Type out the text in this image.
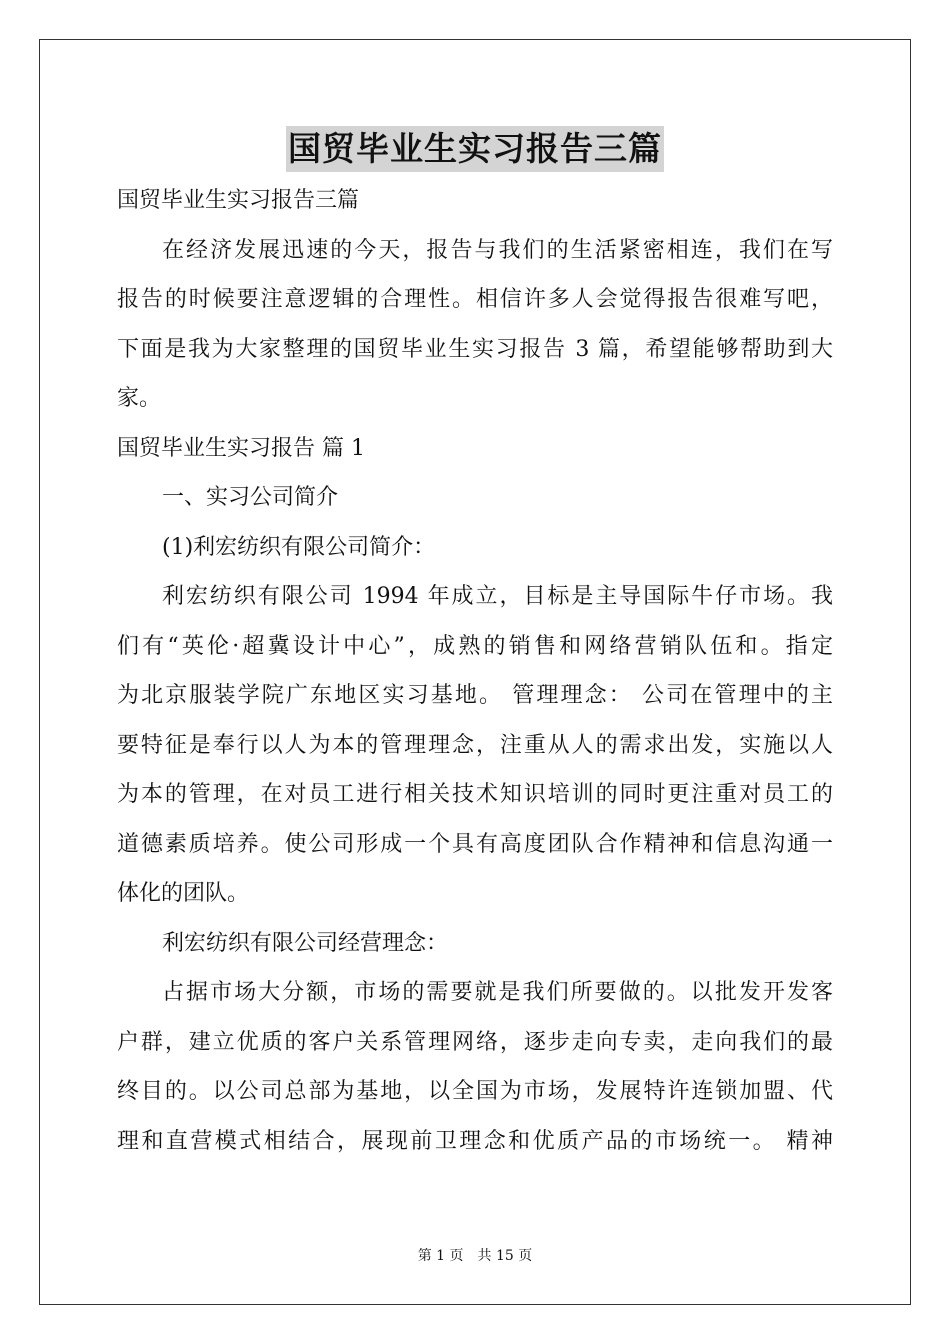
国贸毕业生实习报告三篇

国贸毕业生实习报告三篇

在经济发展迅速的今天，报告与我们的生活紧密相连，我们在写

报告的时候要注意逻辑的合理性。相信许多人会觉得报告很难写吧，

下面是我为大家整理的国贸毕业生实习报告 3 篇，希望能够帮助到大

家。

国贸毕业生实习报告 篇 1

一、实习公司简介

(1)利宏纺织有限公司简介：

利宏纺织有限公司 1994 年成立，目标是主导国际牛仔市场。我

们有“英伦·超冀设计中心”，成熟的销售和网络营销队伍和。指定

为北京服装学院广东地区实习基地。 管理理念： 公司在管理中的主

要特征是奉行以人为本的管理理念，注重从人的需求出发，实施以人

为本的管理，在对员工进行相关技术知识培训的同时更注重对员工的

道德素质培养。使公司形成一个具有高度团队合作精神和信息沟通一

体化的团队。

利宏纺织有限公司经营理念：

占据市场大分额，市场的需要就是我们所要做的。以批发开发客

户群，建立优质的客户关系管理网络，逐步走向专卖，走向我们的最

终目的。以公司总部为基地，以全国为市场，发展特许连锁加盟、代

理和直营模式相结合，展现前卫理念和优质产品的市场统一。 精神

第 1 页 共 15 页
